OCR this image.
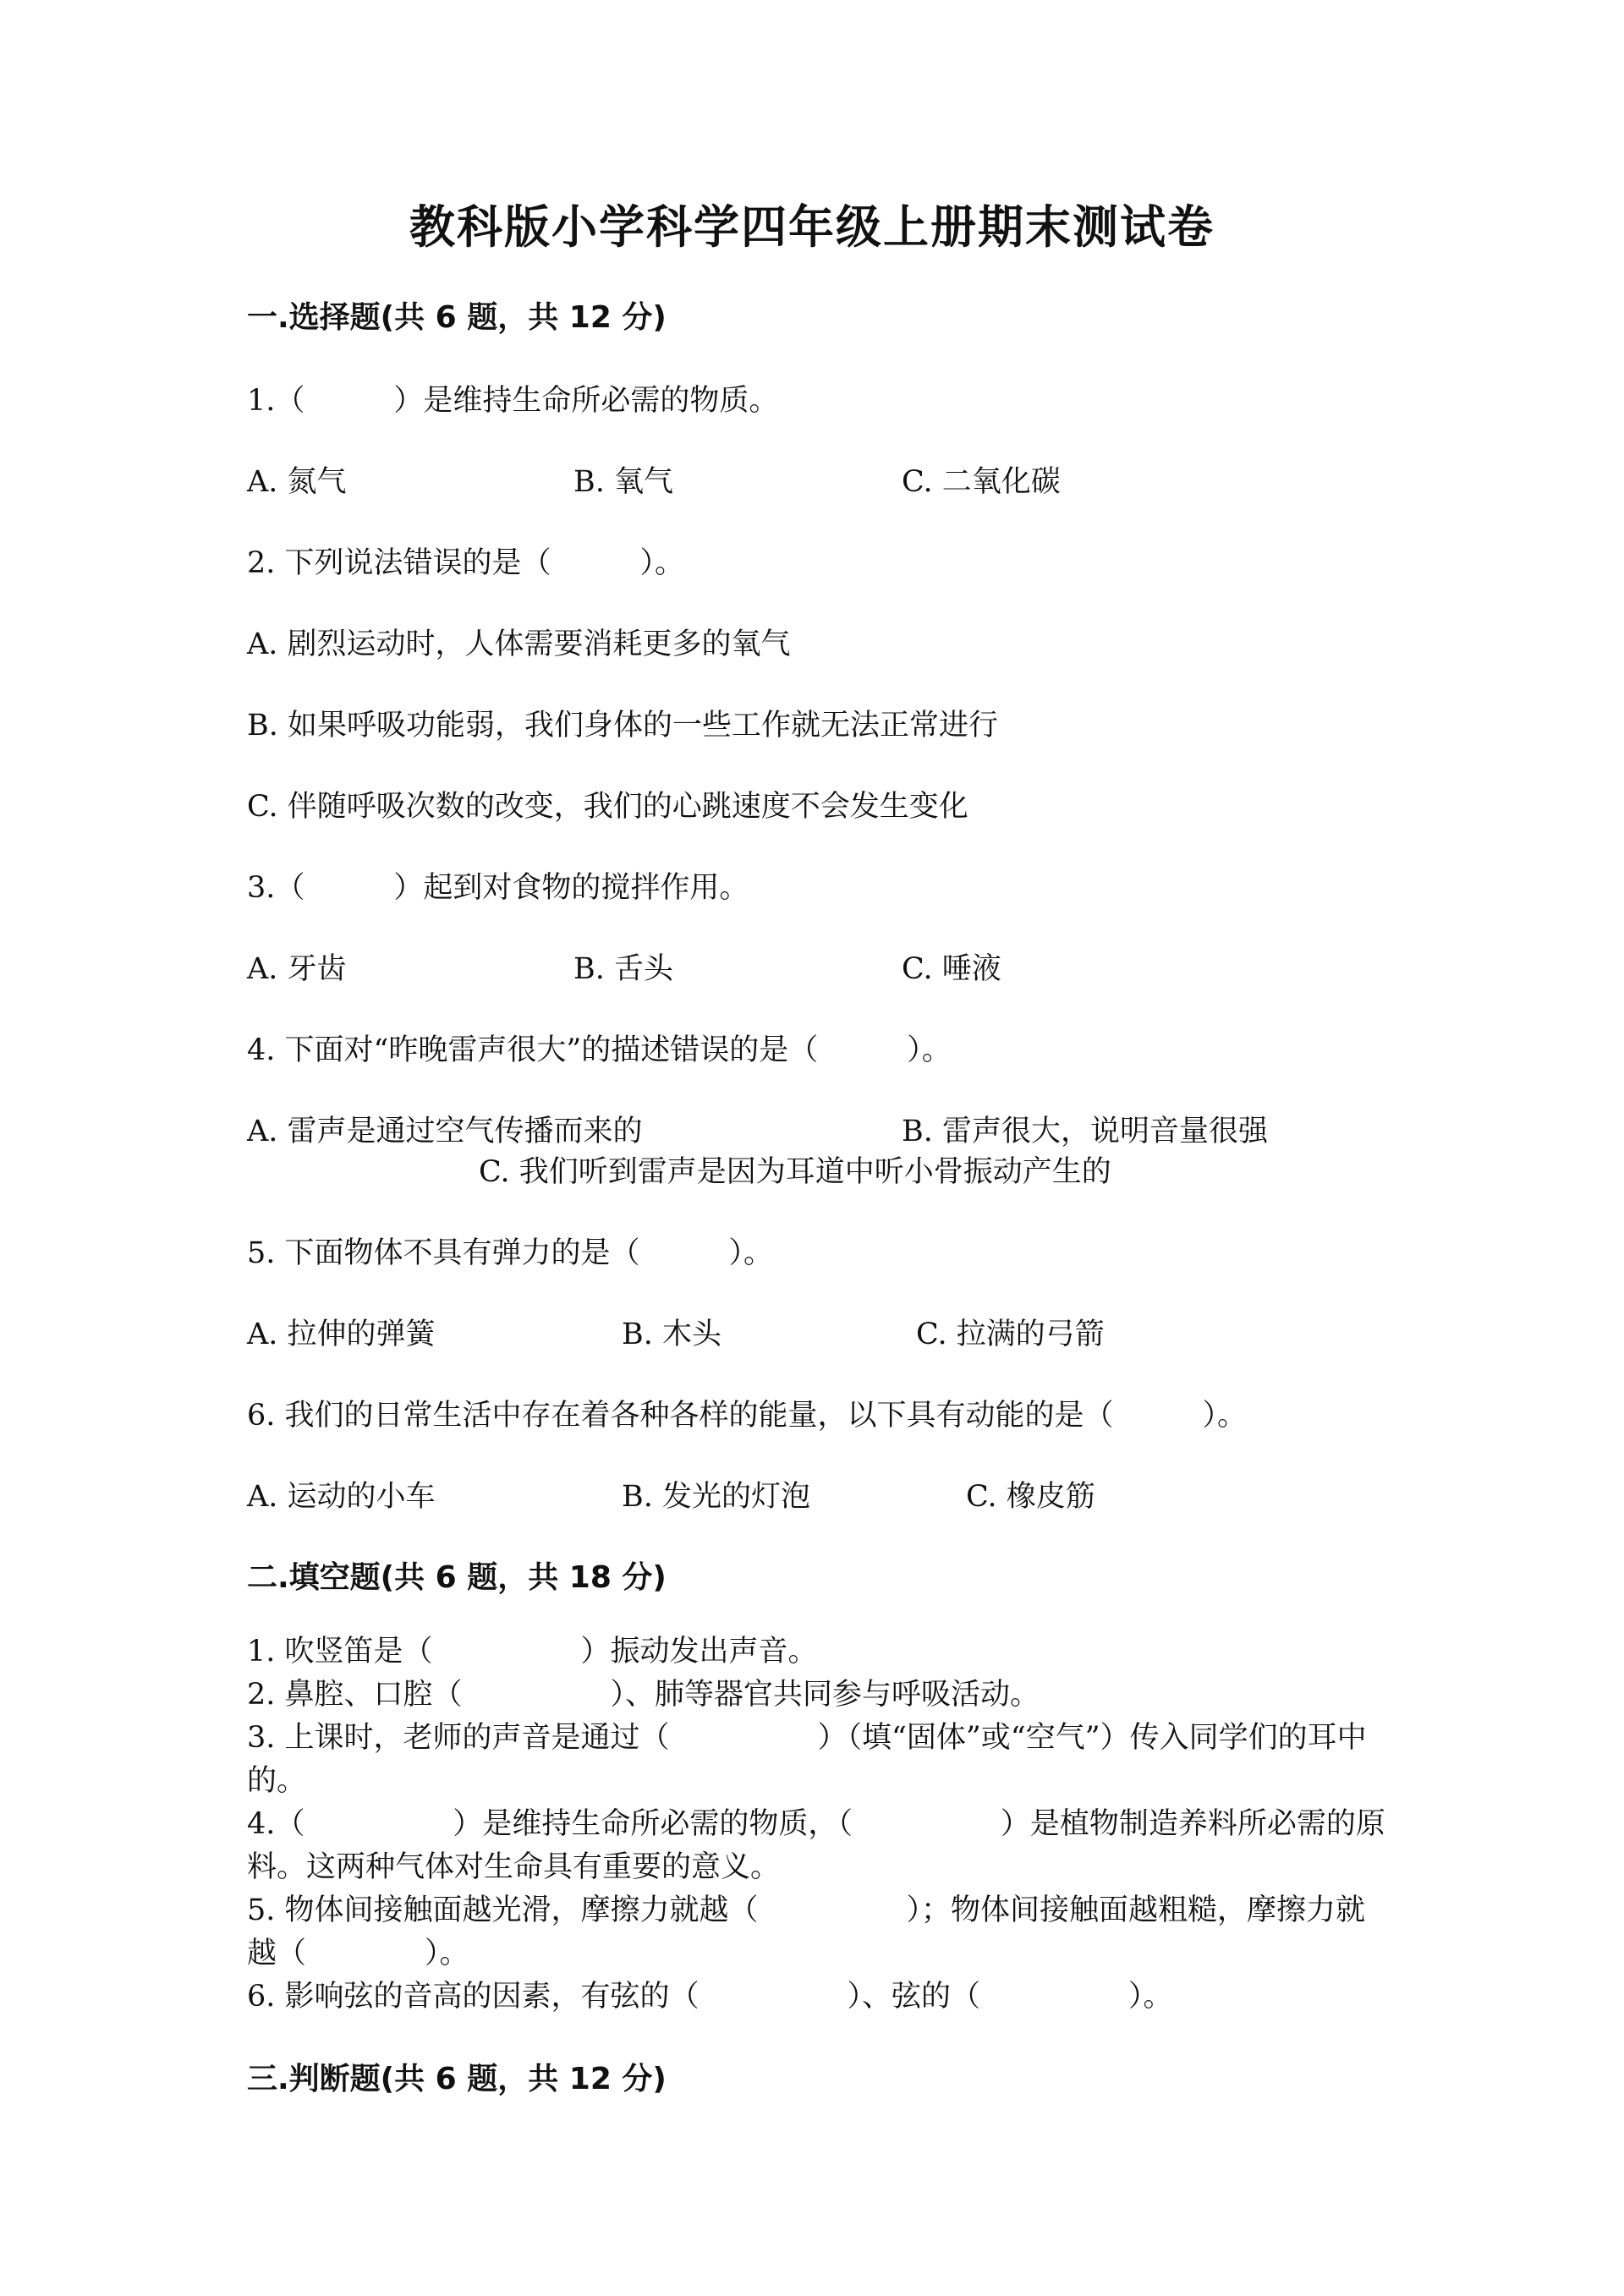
教科版小学科学四年级上册期末测试卷
一.选择题(共 6 题，共 12 分)
1.（　　　）是维持生命所必需的物质。
A. 氮气	B. 氧气	C. 二氧化碳
2. 下列说法错误的是（　　　）。
A. 剧烈运动时，人体需要消耗更多的氧气
B. 如果呼吸功能弱，我们身体的一些工作就无法正常进行
C. 伴随呼吸次数的改变，我们的心跳速度不会发生变化
3.（　　　）起到对食物的搅拌作用。
A. 牙齿	B. 舌头	C. 唾液
4. 下面对“昨晚雷声很大”的描述错误的是（　　　）。
A. 雷声是通过空气传播而来的	B. 雷声很大，说明音量很强
C. 我们听到雷声是因为耳道中听小骨振动产生的
5. 下面物体不具有弹力的是（　　　）。
A. 拉伸的弹簧	B. 木头	C. 拉满的弓箭
6. 我们的日常生活中存在着各种各样的能量，以下具有动能的是（　　　）。
A. 运动的小车	B. 发光的灯泡	C. 橡皮筋
二.填空题(共 6 题，共 18 分)
1. 吹竖笛是（　　　　　）振动发出声音。
2. 鼻腔、口腔（　　　　　）、肺等器官共同参与呼吸活动。
3. 上课时，老师的声音是通过（　　　　　）（填“固体”或“空气”）传入同学们的耳中的。
4.（　　　　　）是维持生命所必需的物质，（　　　　　）是植物制造养料所必需的原料。这两种气体对生命具有重要的意义。
5. 物体间接触面越光滑，摩擦力就越（　　　　　）；物体间接触面越粗糙，摩擦力就越（　　　　）。
6. 影响弦的音高的因素，有弦的（　　　　　）、弦的（　　　　　）。
三.判断题(共 6 题，共 12 分)
